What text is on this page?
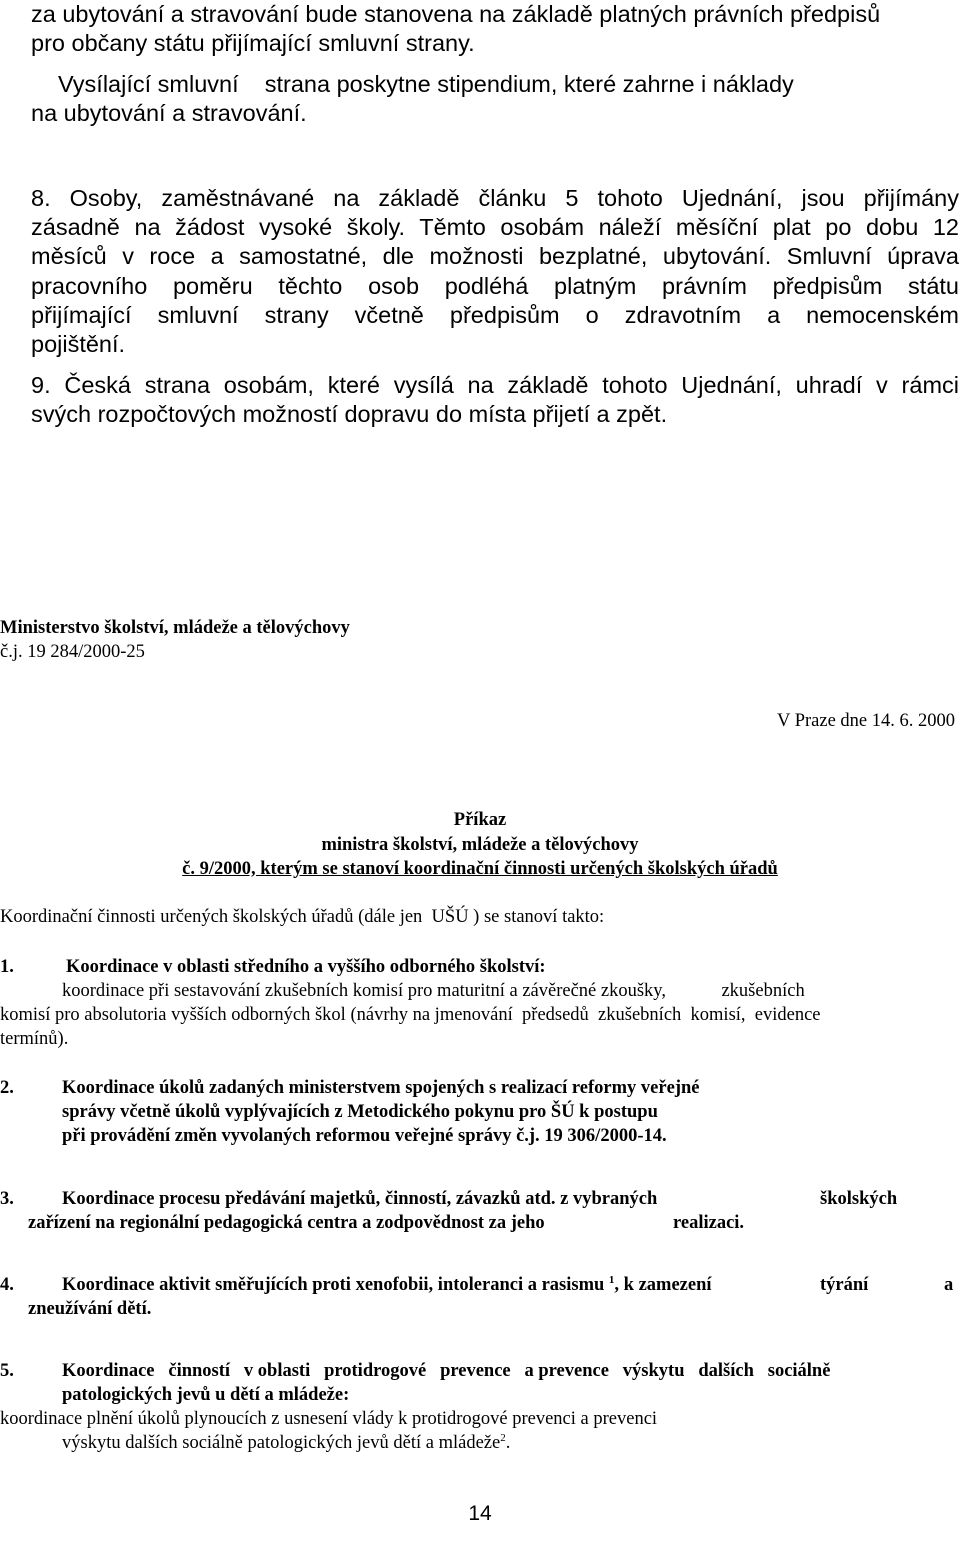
za ubytování a stravování bude stanovena na základě platných právních předpisů

pro občany státu přijímající smluvní strany.

Vysílající smluvní    strana poskytne stipendium, které zahrne i náklady

na ubytování a stravování.

8. Osoby, zaměstnávané na základě článku 5 tohoto Ujednání, jsou přijímány

zásadně na žádost vysoké školy. Těmto osobám náleží měsíční plat po dobu 12

měsíců v roce a samostatné, dle možnosti bezplatné, ubytování. Smluvní úprava

pracovního poměru těchto osob podléhá platným právním předpisům státu

přijímající smluvní strany včetně předpisům o zdravotním a nemocenském

pojištění.

9. Česká strana osobám, které vysílá na základě tohoto Ujednání, uhradí v rámci

svých rozpočtových možností dopravu do místa přijetí a zpět.

Ministerstvo školství, mládeže a tělovýchovy

č.j. 19 284/2000-25

V Praze dne 14. 6. 2000

Příkaz

ministra školství, mládeže a tělovýchovy

č. 9/2000, kterým se stanoví koordinační činnosti určených školských úřadů

Koordinační činnosti určených školských úřadů (dále jen  UŠÚ ) se stanoví takto:

1.	Koordinace v oblasti středního a vyššího odborného školství:

koordinace při sestavování zkušebních komisí pro maturitní a závěrečné zkoušky,            zkušebních

komisí pro absolutoria vyšších odborných škol (návrhy na jmenování  předsedů  zkušebních  komisí,  evidence

termínů).

2.	Koordinace úkolů zadaných ministerstvem spojených s realizací reformy veřejné

správy včetně úkolů vyplývajících z Metodického pokynu pro ŠÚ k postupu

při provádění změn vyvolaných reformou veřejné správy č.j. 19 306/2000-14.

3.	Koordinace procesu předávání majetků, činností, závazků atd. z vybraných	školských

zařízení na regionální pedagogická centra a zodpovědnost za jeho	realizaci.

4.	Koordinace aktivit směřujících proti xenofobii, intoleranci a rasismu $^1$, k zamezení	týrání	a

zneužívání dětí.

5.	Koordinace   činností   v oblasti   protidrogové   prevence   a prevence   výskytu   dalších   sociálně

patologických jevů u dětí a mládeže:

koordinace plnění úkolů plynoucích z usnesení vlády k protidrogové prevenci a prevenci

výskytu dalších sociálně patologických jevů dětí a mládeže$^2$.

14
